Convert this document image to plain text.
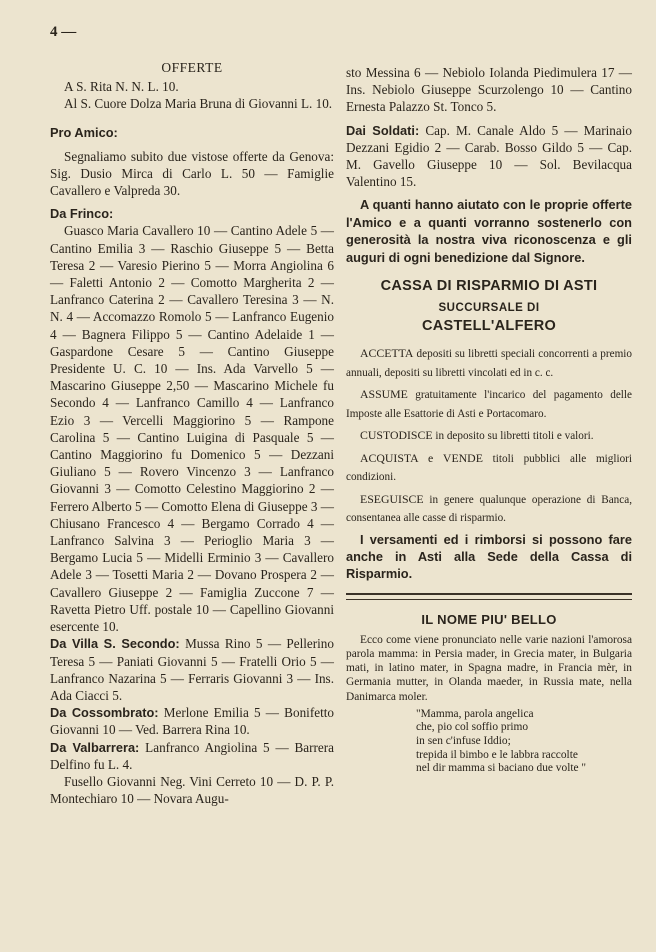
4 —
OFFERTE

A S. Rita N. N. L. 10.

Al S. Cuore Dolza Maria Bruna di Giovanni L. 10.

Pro Amico:

Segnaliamo subito due vistose offerte da Genova: Sig. Dusio Mirca di Carlo L. 50 — Famiglie Cavallero e Valpreda 30.

Da Frinco:

Guasco Maria Cavallero 10 — Cantino Adele 5 — Cantino Emilia 3 — Raschio Giuseppe 5 — Betta Teresa 2 — Varesio Pierino 5 — Morra Angiolina 6 — Faletti Antonio 2 — Comotto Margherita 2 — Lanfranco Caterina 2 — Cavallero Teresina 3 — N. N. 4 — Accomazzo Romolo 5 — Lanfranco Eugenio 4 — Bagnera Filippo 5 — Cantino Adelaide 1 — Gaspardone Cesare 5 — Cantino Giuseppe Presidente U. C. 10 — Ins. Ada Varvello 5 — Mascarino Giuseppe 2,50 — Mascarino Michele fu Secondo 4 — Lanfranco Camillo 4 — Lanfranco Ezio 3 — Vercelli Maggiorino 5 — Rampone Carolina 5 — Cantino Luigina di Pasquale 5 — Cantino Maggiorino fu Domenico 5 — Dezzani Giuliano 5 — Rovero Vincenzo 3 — Lanfranco Giovanni 3 — Comotto Celestino Maggiorino 2 — Ferrero Alberto 5 — Comotto Elena di Giuseppe 3 — Chiusano Francesco 4 — Bergamo Corrado 4 — Lanfranco Salvina 3 — Perioglio Maria 3 — Bergamo Lucia 5 — Midelli Erminio 3 — Cavallero Adele 3 — Tosetti Maria 2 — Dovano Prospera 2 — Cavallero Giuseppe 2 — Famiglia Zuccone 7 — Ravetta Pietro Uff. postale 10 — Capellino Giovanni esercente 10.

Da Villa S. Secondo: Mussa Rino 5 — Pellerino Teresa 5 — Paniati Giovanni 5 — Fratelli Orio 5 — Lanfranco Nazarina 5 — Ferraris Giovanni 3 — Ins. Ada Ciacci 5.

Da Cossombrato: Merlone Emilia 5 — Bonifetto Giovanni 10 — Ved. Barrera Rina 10.

Da Valbarrera: Lanfranco Angiolina 5 — Barrera Delfino fu L. 4.

Fusello Giovanni Neg. Vini Cerreto 10 — D. P. P. Montechiaro 10 — Novara Augu-

sto Messina 6 — Nebiolo Iolanda Piedimulera 17 — Ins. Nebiolo Giuseppe Scurzolengo 10 — Cantino Ernesta Palazzo St. Tonco 5.

Dai Soldati: Cap. M. Canale Aldo 5 — Marinaio Dezzani Egidio 2 — Carab. Bosso Gildo 5 — Cap. M. Gavello Giuseppe 10 — Sol. Bevilacqua Valentino 15.

A quanti hanno aiutato con le proprie offerte l'Amico e a quanti vorranno sostenerlo con generosità la nostra viva riconoscenza e gli auguri di ogni benedizione dal Signore.

CASSA DI RISPARMIO DI ASTI
SUCCURSALE DI
CASTELL'ALFERO

ACCETTA depositi su libretti speciali concorrenti a premio annuali, depositi su libretti vincolati ed in c. c.

ASSUME gratuitamente l'incarico del pagamento delle Imposte alle Esattorie di Asti e Portacomaro.

CUSTODISCE in deposito su libretti titoli e valori.

ACQUISTA e VENDE titoli pubblici alle migliori condizioni.

ESEGUISCE in genere qualunque operazione di Banca, consentanea alle casse di risparmio.

I versamenti ed i rimborsi si possono fare anche in Asti alla Sede della Cassa di Risparmio.

IL NOME PIU' BELLO

Ecco come viene pronunciato nelle varie nazioni l'amorosa parola mamma: in Persia mader, in Grecia mater, in Bulgaria mati, in latino mater, in Spagna madre, in Francia mèr, in Germania mutter, in Olanda maeder, in Russia mate, nella Danimarca moler.

"Mamma, parola angelica
che, pio col soffio primo
in sen c'infuse Iddio;
trepida il bimbo e le labbra raccolte
nel dir mamma si baciano due volte "
